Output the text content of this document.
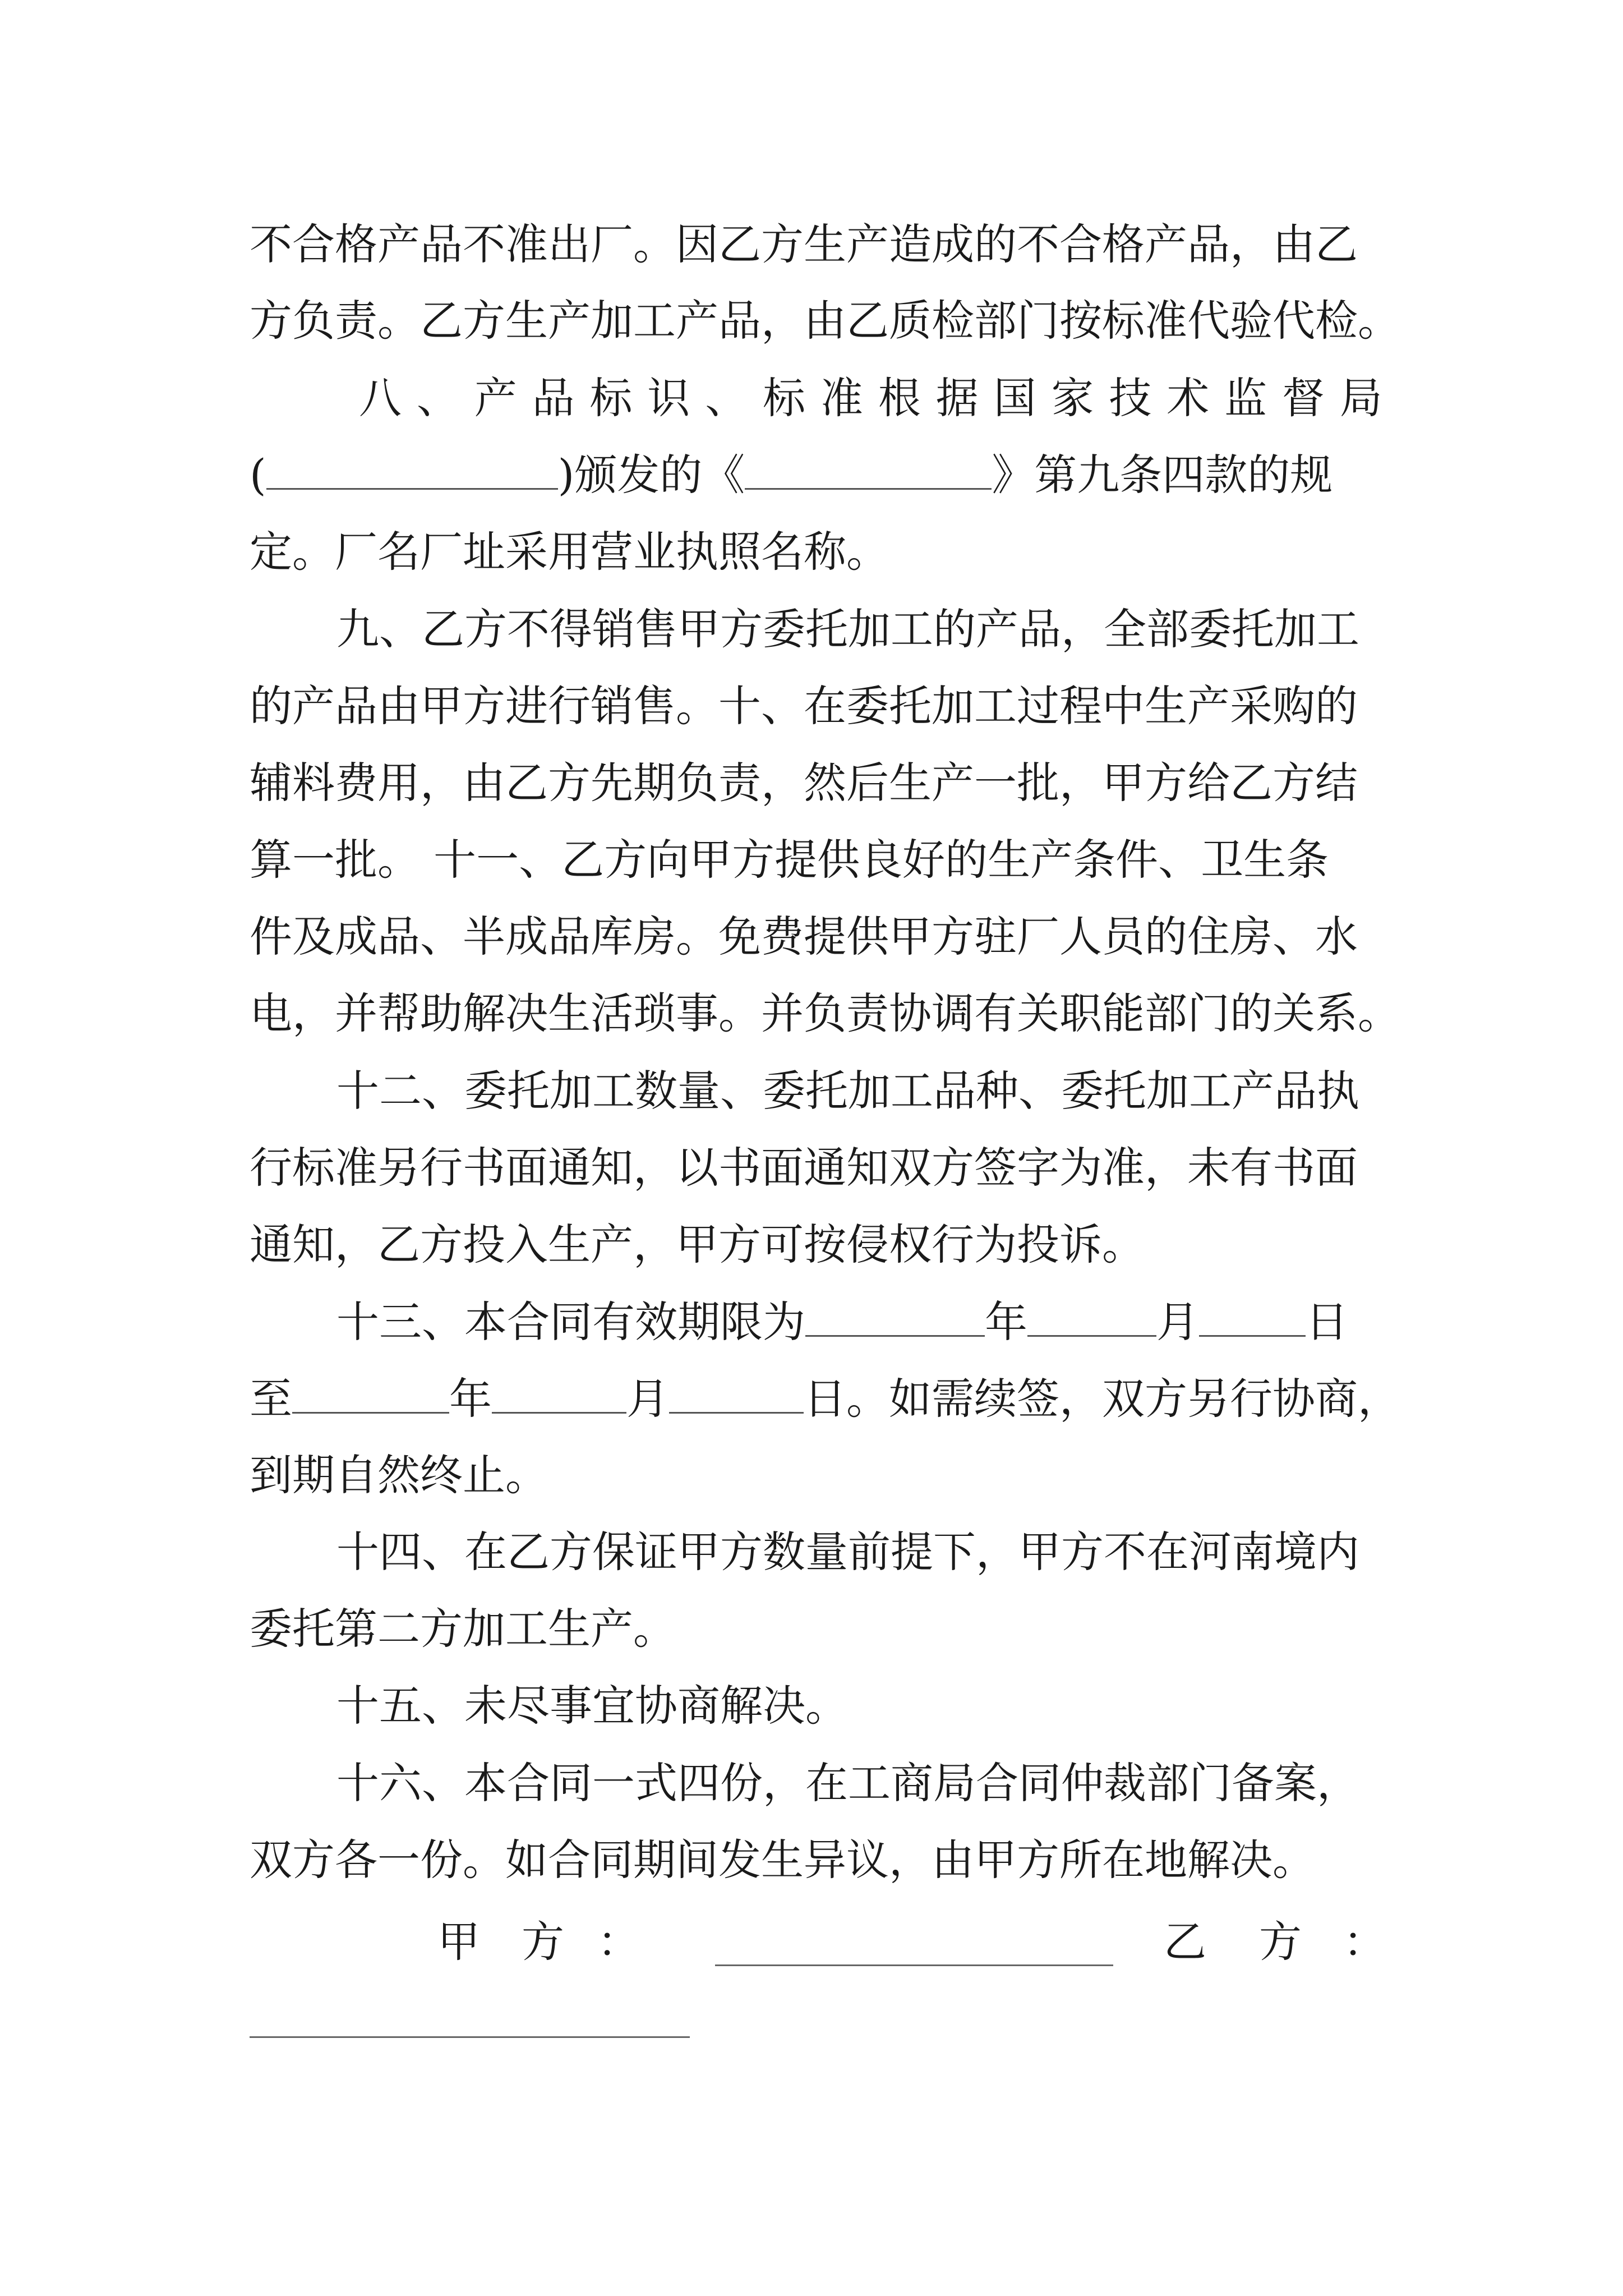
不合格产品不准出厂。因乙方生产造成的不合格产品，由乙
方负责。乙方生产加工产品，由乙质检部门按标准代验代检。
八 、 产 品 标 识 、 标 准 根 据 国 家 技 术 监 督 局
(	)颁发的《	》第九条四款的规
定。厂名厂址采用营业执照名称。
九、乙方不得销售甲方委托加工的产品，全部委托加工
的产品由甲方进行销售。十、在委托加工过程中生产采购的
辅料费用，由乙方先期负责，然后生产一批，甲方给乙方结
算一批。 十一、乙方向甲方提供良好的生产条件、卫生条
件及成品、半成品库房。免费提供甲方驻厂人员的住房、水
电，并帮助解决生活琐事。并负责协调有关职能部门的关系。
十二、委托加工数量、委托加工品种、委托加工产品执
行标准另行书面通知，以书面通知双方签字为准，未有书面
通知，乙方投入生产，甲方可按侵权行为投诉。
十三、本合同有效期限为	年	月	日
至	年	月	日。如需续签，双方另行协商，
到期自然终止。
十四、在乙方保证甲方数量前提下，甲方不在河南境内
委托第二方加工生产。
十五、未尽事宜协商解决。
十六、本合同一式四份，在工商局合同仲裁部门备案，
双方各一份。如合同期间发生异议，由甲方所在地解决。
甲 方 ：	乙 方 ：
